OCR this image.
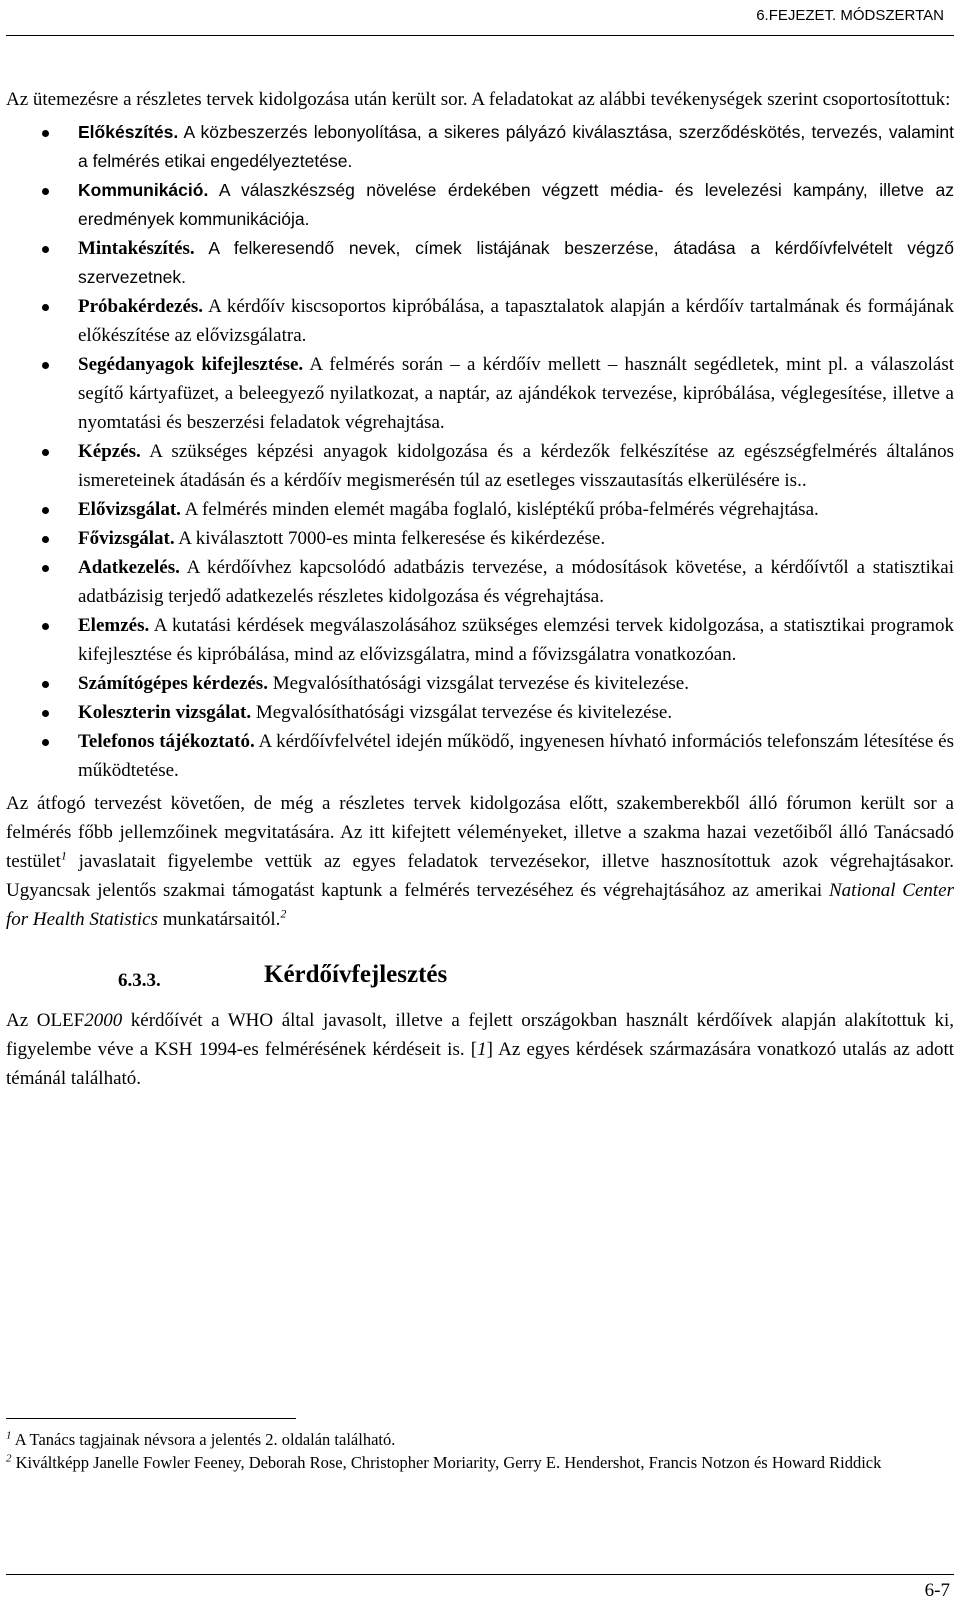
6.FEJEZET. MÓDSZERTAN

Az ütemezésre a részletes tervek kidolgozása után került sor. A feladatokat az alábbi tevékenységek szerint csoportosítottuk:

Előkészítés. A közbeszerzés lebonyolítása, a sikeres pályázó kiválasztása, szerződéskötés, tervezés, valamint a felmérés etikai engedélyeztetése.
Kommunikáció. A válaszkészség növelése érdekében végzett média- és levelezési kampány, illetve az eredmények kommunikációja.
Mintakészítés. A felkeresendő nevek, címek listájának beszerzése, átadása a kérdőívfelvételt végző szervezetnek.
Próbakérdezés. A kérdőív kiscsoportos kipróbálása, a tapasztalatok alapján a kérdőív tartalmának és formájának előkészítése az elővizsgálatra.
Segédanyagok kifejlesztése. A felmérés során – a kérdőív mellett – használt segédletek, mint pl. a válaszolást segítő kártyafüzet, a beleegyező nyilatkozat, a naptár, az ajándékok tervezése, kipróbálása, véglegesítése, illetve a nyomtatási és beszerzési feladatok végrehajtása.
Képzés. A szükséges képzési anyagok kidolgozása és a kérdezők felkészítése az egészségfelmérés általános ismereteinek átadásán és a kérdőív megismerésén túl az esetleges visszautasítás elkerülésére is..
Elővizsgálat. A felmérés minden elemét magába foglaló, kisléptékű próba-felmérés végrehajtása.
Fővizsgálat. A kiválasztott 7000-es minta felkeresése és kikérdezése.
Adatkezelés. A kérdőívhez kapcsolódó adatbázis tervezése, a módosítások követése, a kérdőívtől a statisztikai adatbázisig terjedő adatkezelés részletes kidolgozása és végrehajtása.
Elemzés. A kutatási kérdések megválaszolásához szükséges elemzési tervek kidolgozása, a statisztikai programok kifejlesztése és kipróbálása, mind az elővizsgálatra, mind a fővizsgálatra vonatkozóan.
Számítógépes kérdezés. Megvalósíthatósági vizsgálat tervezése és kivitelezése.
Koleszterin vizsgálat. Megvalósíthatósági vizsgálat tervezése és kivitelezése.
Telefonos tájékoztató. A kérdőívfelvétel idején működő, ingyenesen hívható információs telefonszám létesítése és működtetése.

Az átfogó tervezést követően, de még a részletes tervek kidolgozása előtt, szakemberekből álló fórumon került sor a felmérés főbb jellemzőinek megvitatására. Az itt kifejtett véleményeket, illetve a szakma hazai vezetőiből álló Tanácsadó testület$^1$ javaslatait figyelembe vettük az egyes feladatok tervezésekor, illetve hasznosítottuk azok végrehajtásakor. Ugyancsak jelentős szakmai támogatást kaptunk a felmérés tervezéséhez és végrehajtásához az amerikai National Center for Health Statistics munkatársaitól.$^2$

6.3.3.	Kérdőívfejlesztés

Az OLEF2000 kérdőívét a WHO által javasolt, illetve a fejlett országokban használt kérdőívek alapján alakítottuk ki, figyelembe véve a KSH 1994-es felmérésének kérdéseit is. [1] Az egyes kérdések származására vonatkozó utalás az adott témánál található.

$^1$ A Tanács tagjainak névsora a jelentés 2. oldalán található.

$^2$ Kiváltképp Janelle Fowler Feeney, Deborah Rose, Christopher Moriarity, Gerry E. Hendershot, Francis Notzon és Howard Riddick

6-7
